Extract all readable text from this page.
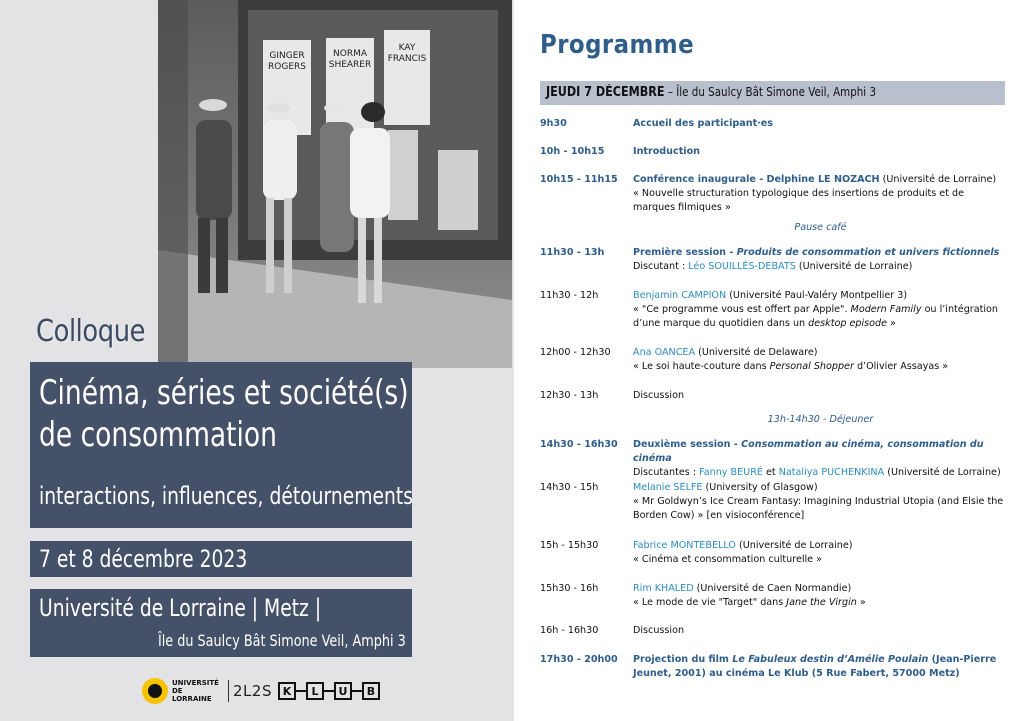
GINGER
ROGERS
NORMA
SHEARER
KAY
FRANCIS
Colloque
Cinéma, séries et société(s)
de consommation
interactions, influences, détournements
7 et 8 décembre 2023
Université de Lorraine | Metz |
Île du Saulcy Bât Simone Veil, Amphi 3
UNIVERSITÉ
DE LORRAINE	2L2S K	L	U	B
Programme
JEUDI 7 DÉCEMBRE – Île du Saulcy Bât Simone Veil, Amphi 3
9h30	Accueil des participant·es
10h - 10h15	Introduction
10h15 - 11h15	Conférence inaugurale - Delphine LE NOZACH (Université de Lorraine)
« Nouvelle structuration typologique des insertions de produits et de marques filmiques »
Pause café
11h30 - 13h	Première session - Produits de consommation et univers fictionnels
Discutant : Léo SOUILLÉS-DEBATS (Université de Lorraine)
11h30 - 12h	Benjamin CAMPION (Université Paul-Valéry Montpellier 3)
« "Ce programme vous est offert par Apple". Modern Family ou l’intégration d’une marque du quotidien dans un desktop episode »
12h00 - 12h30	Ana OANCEA (Université de Delaware)
« Le soi haute-couture dans Personal Shopper d’Olivier Assayas »
12h30 - 13h	Discussion
13h-14h30 - Déjeuner
14h30 - 16h30	Deuxième session - Consommation au cinéma, consommation du cinéma
Discutantes : Fanny BEURÉ et Nataliya PUCHENKINA (Université de Lorraine)
14h30 - 15h	Melanie SELFE (University of Glasgow)
« Mr Goldwyn’s Ice Cream Fantasy: Imagining Industrial Utopia (and Elsie the Borden Cow) » [en visioconférence]
15h - 15h30	Fabrice MONTEBELLO (Université de Lorraine)
« Cinéma et consommation culturelle »
15h30 - 16h	Rim KHALED (Université de Caen Normandie)
« Le mode de vie "Target" dans Jane the Virgin »
16h - 16h30	Discussion
17h30 - 20h00	Projection du film Le Fabuleux destin d’Amélie Poulain (Jean-Pierre Jeunet, 2001) au cinéma Le Klub (5 Rue Fabert, 57000 Metz)
